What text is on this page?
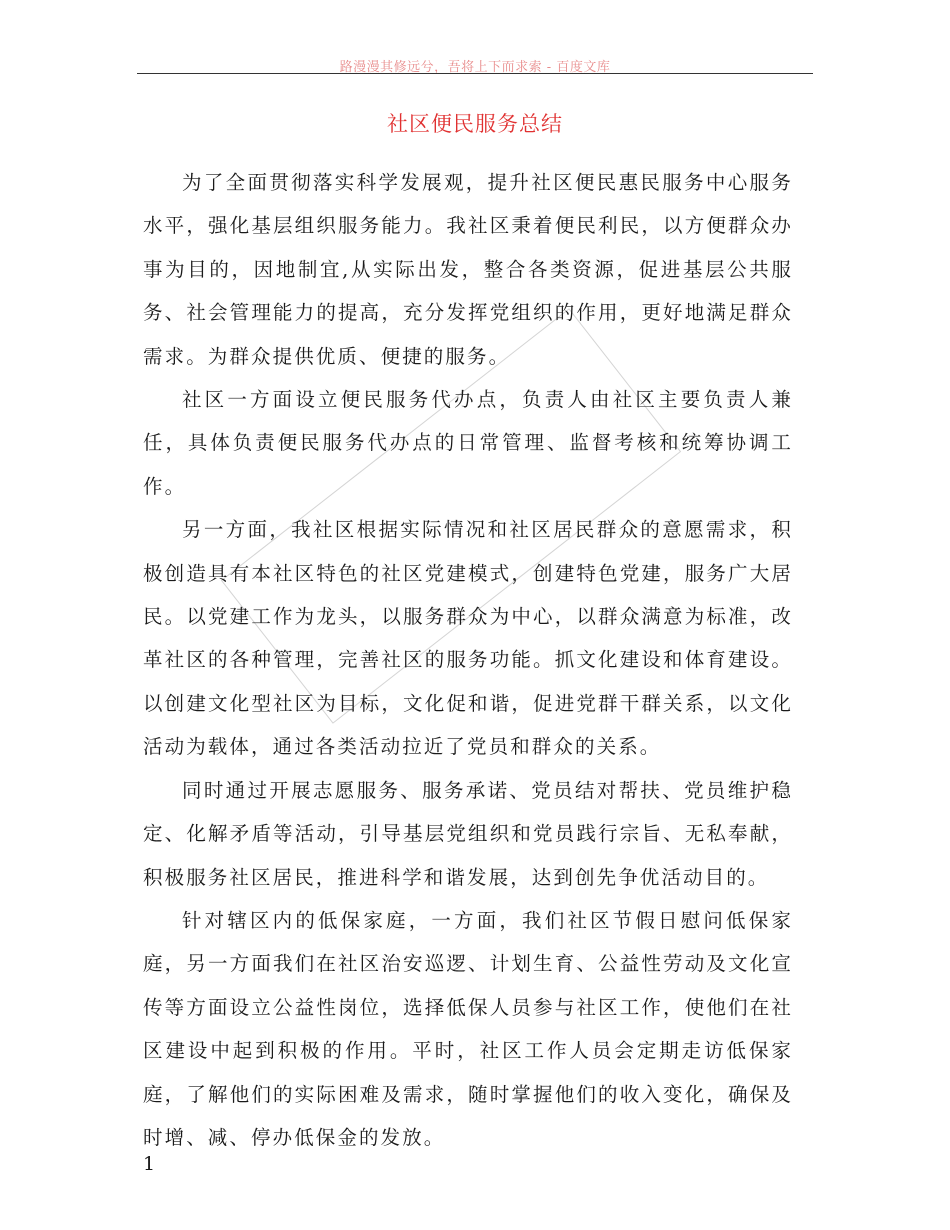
路漫漫其修远兮，吾将上下而求索 - 百度文库
社区便民服务总结

为了全面贯彻落实科学发展观，提升社区便民惠民服务中心服务水平，强化基层组织服务能力。我社区秉着便民利民，以方便群众办事为目的，因地制宜,从实际出发，整合各类资源，促进基层公共服务、社会管理能力的提高，充分发挥党组织的作用，更好地满足群众需求。为群众提供优质、便捷的服务。

社区一方面设立便民服务代办点，负责人由社区主要负责人兼任，具体负责便民服务代办点的日常管理、监督考核和统筹协调工作。

另一方面，我社区根据实际情况和社区居民群众的意愿需求，积极创造具有本社区特色的社区党建模式，创建特色党建，服务广大居民。以党建工作为龙头，以服务群众为中心，以群众满意为标准，改革社区的各种管理，完善社区的服务功能。抓文化建设和体育建设。以创建文化型社区为目标，文化促和谐，促进党群干群关系，以文化活动为载体，通过各类活动拉近了党员和群众的关系。

同时通过开展志愿服务、服务承诺、党员结对帮扶、党员维护稳定、化解矛盾等活动，引导基层党组织和党员践行宗旨、无私奉献，积极服务社区居民，推进科学和谐发展，达到创先争优活动目的。

针对辖区内的低保家庭，一方面，我们社区节假日慰问低保家庭，另一方面我们在社区治安巡逻、计划生育、公益性劳动及文化宣传等方面设立公益性岗位，选择低保人员参与社区工作，使他们在社区建设中起到积极的作用。平时，社区工作人员会定期走访低保家庭，了解他们的实际困难及需求，随时掌握他们的收入变化，确保及时增、减、停办低保金的发放。

1
